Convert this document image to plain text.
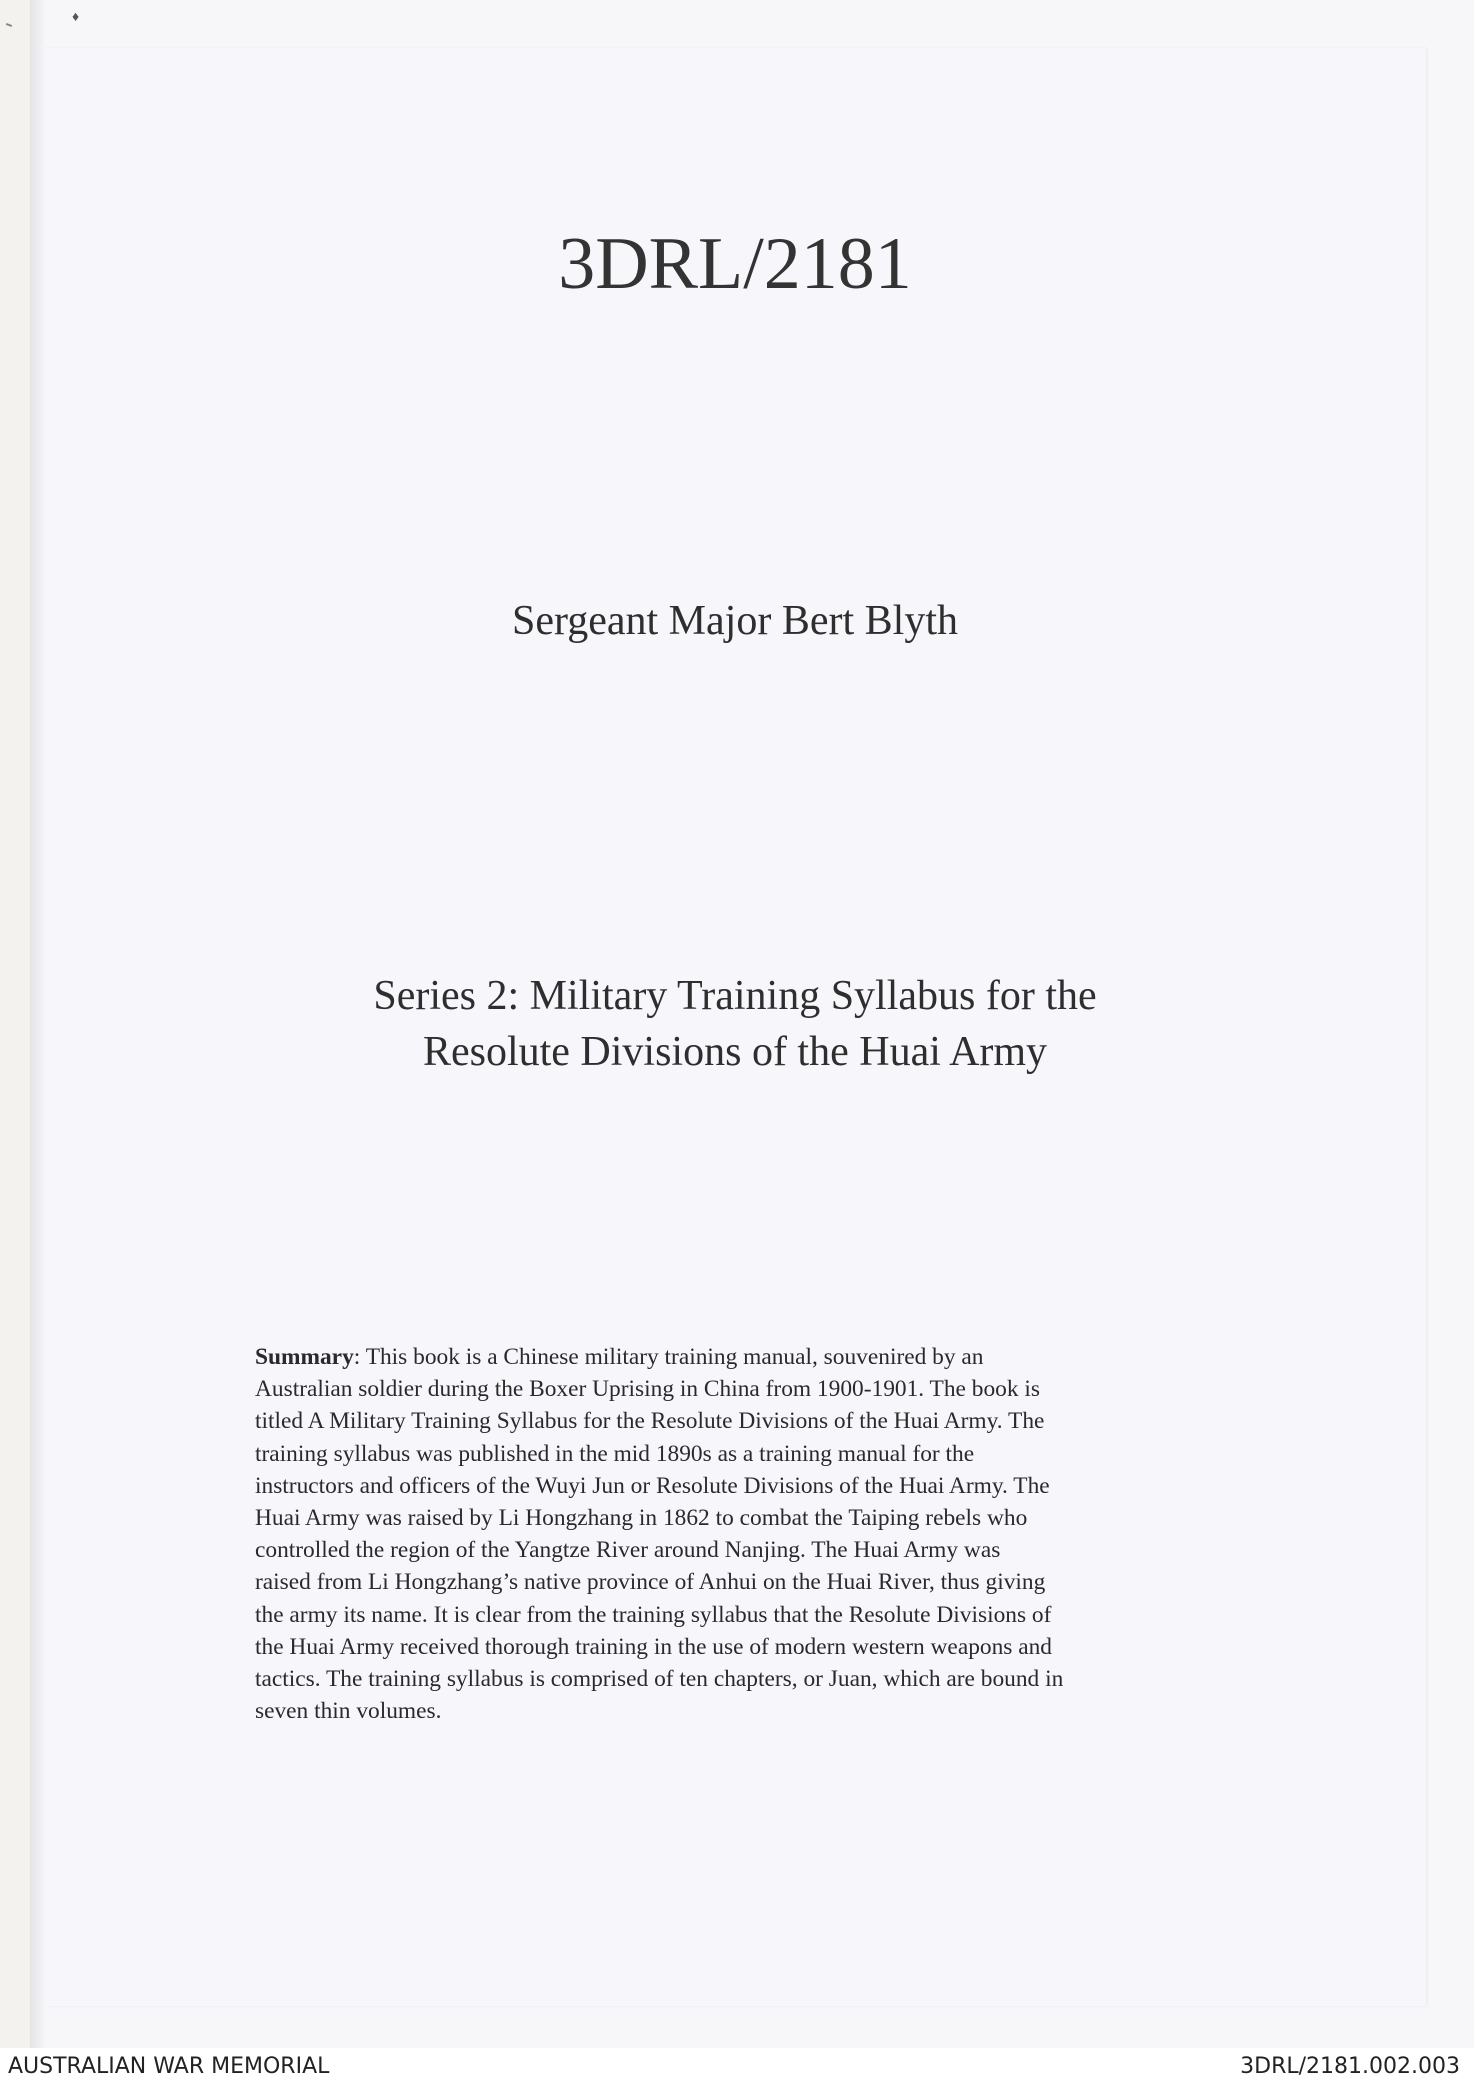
♦
3DRL/2181

Sergeant Major Bert Blyth

Series 2: Military Training Syllabus for the
Resolute Divisions of the Huai Army

Summary: This book is a Chinese military training manual, souvenired by an
Australian soldier during the Boxer Uprising in China from 1900-1901. The book is
titled A Military Training Syllabus for the Resolute Divisions of the Huai Army. The
training syllabus was published in the mid 1890s as a training manual for the
instructors and officers of the Wuyi Jun or Resolute Divisions of the Huai Army. The
Huai Army was raised by Li Hongzhang in 1862 to combat the Taiping rebels who
controlled the region of the Yangtze River around Nanjing. The Huai Army was
raised from Li Hongzhang’s native province of Anhui on the Huai River, thus giving
the army its name. It is clear from the training syllabus that the Resolute Divisions of
the Huai Army received thorough training in the use of modern western weapons and
tactics. The training syllabus is comprised of ten chapters, or Juan, which are bound in
seven thin volumes.

AUSTRALIAN WAR MEMORIAL	3DRL/2181.002.003
